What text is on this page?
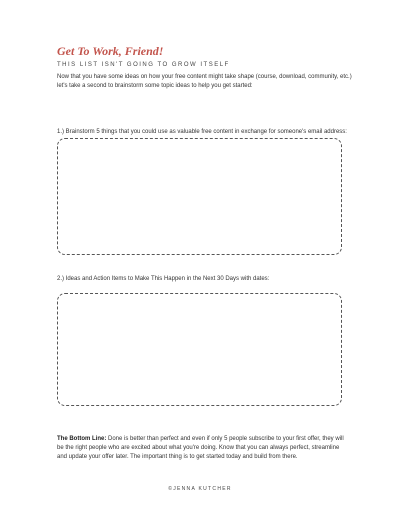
Get To Work, Friend!

THIS LIST ISN'T GOING TO GROW ITSELF

Now that you have some ideas on how your free content might take shape (course, download, community, etc.) let's take a second to brainstorm some topic ideas to help you get started:

1.) Brainstorm 5 things that you could use as valuable free content in exchange for someone's email address:

2.) Ideas and Action Items to Make This Happen in the Next 30 Days with dates:

The Bottom Line: Done is better than perfect and even if only 5 people subscribe to your first offer, they will be the right people who are excited about what you're doing. Know that you can always perfect, streamline and update your offer later. The important thing is to get started today and build from there.

©JENNA KUTCHER
